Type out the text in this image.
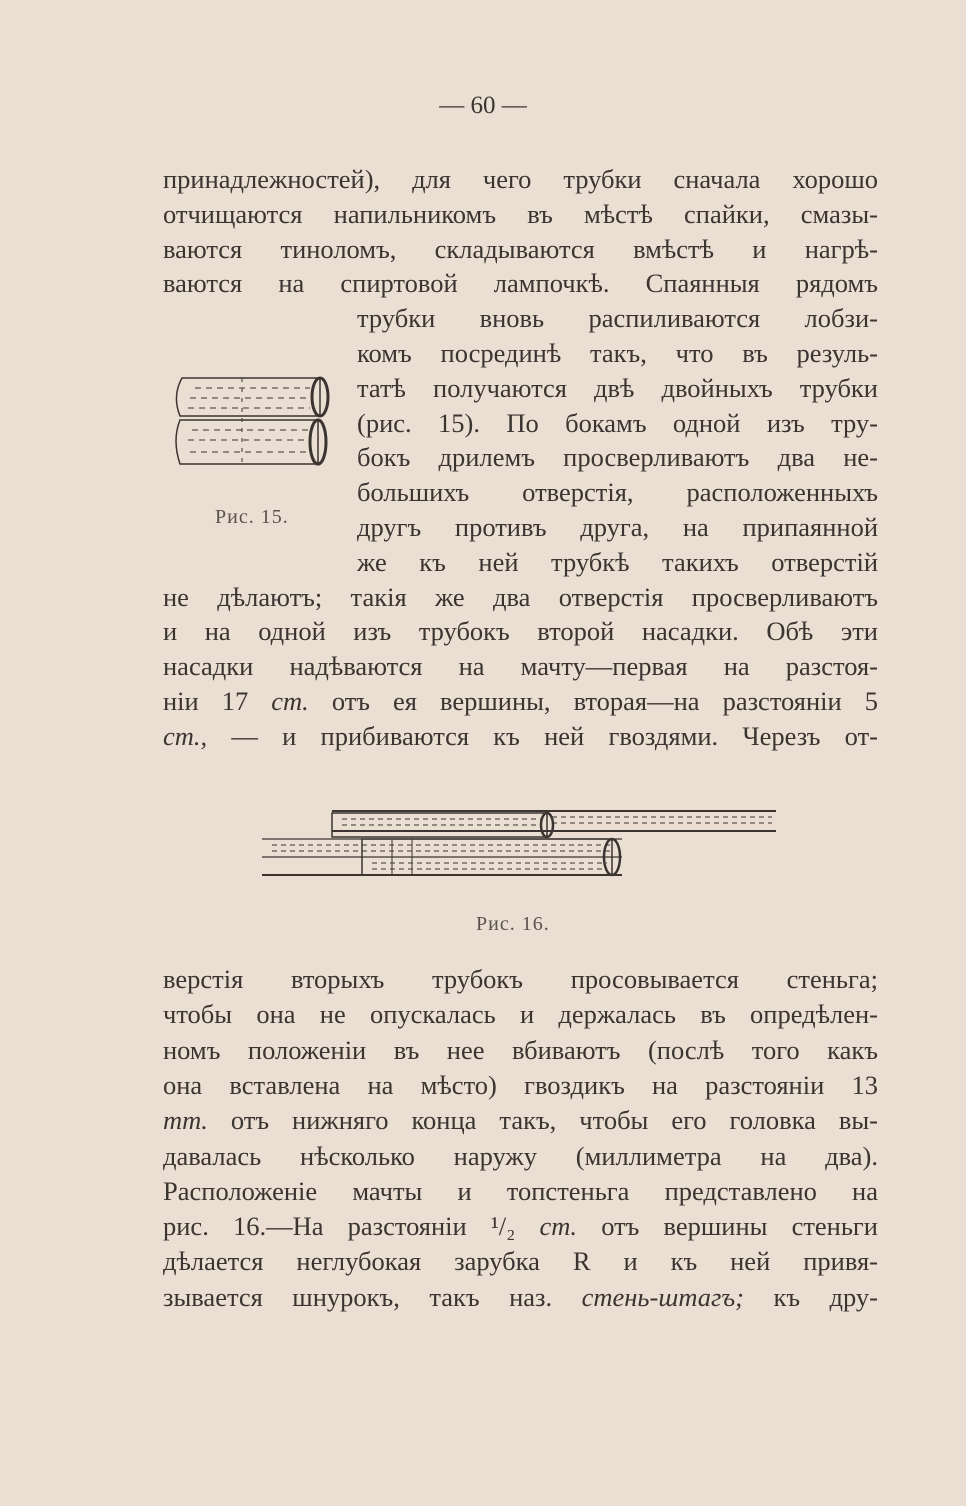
— 60 —
принадлежностей), для чего трубки сначала хорошо
отчищаются напильникомъ въ мѣстѣ спайки, смазы-
ваются тиноломъ, складываются вмѣстѣ и нагрѣ-
ваются на спиртовой лампочкѣ. Спаянныя рядомъ
трубки вновь распиливаются лобзи-
комъ посрединѣ такъ, что въ резуль-
татѣ получаются двѣ двойныхъ трубки
(рис. 15). По бокамъ одной изъ тру-
бокъ дрилемъ просверливаютъ два не-
большихъ отверстія, расположенныхъ
другъ противъ друга, на припаянной
же къ ней трубкѣ такихъ отверстій
не дѣлаютъ; такія же два отверстія просверливаютъ
и на одной изъ трубокъ второй насадки. Обѣ эти
насадки надѣваются на мачту—первая на разстоя-
ніи 17 cm. отъ ея вершины, вторая—на разстояніи 5
cm., — и прибиваются къ ней гвоздями. Черезъ от-
верстія вторыхъ трубокъ просовывается стеньга;
чтобы она не опускалась и держалась въ опредѣлен-
номъ положеніи въ нее вбиваютъ (послѣ того какъ
она вставлена на мѣсто) гвоздикъ на разстояніи 13
mm. отъ нижняго конца такъ, чтобы его головка вы-
давалась нѣсколько наружу (миллиметра на два).
Расположеніе мачты и топстеньга представлено на
рис. 16.—На разстояніи ¹/₂ cm. отъ вершины стеньги
дѣлается неглубокая зарубка R и къ ней привя-
зывается шнурокъ, такъ наз. стень-штагъ; къ дру-
Рис. 15.
Рис. 16.
